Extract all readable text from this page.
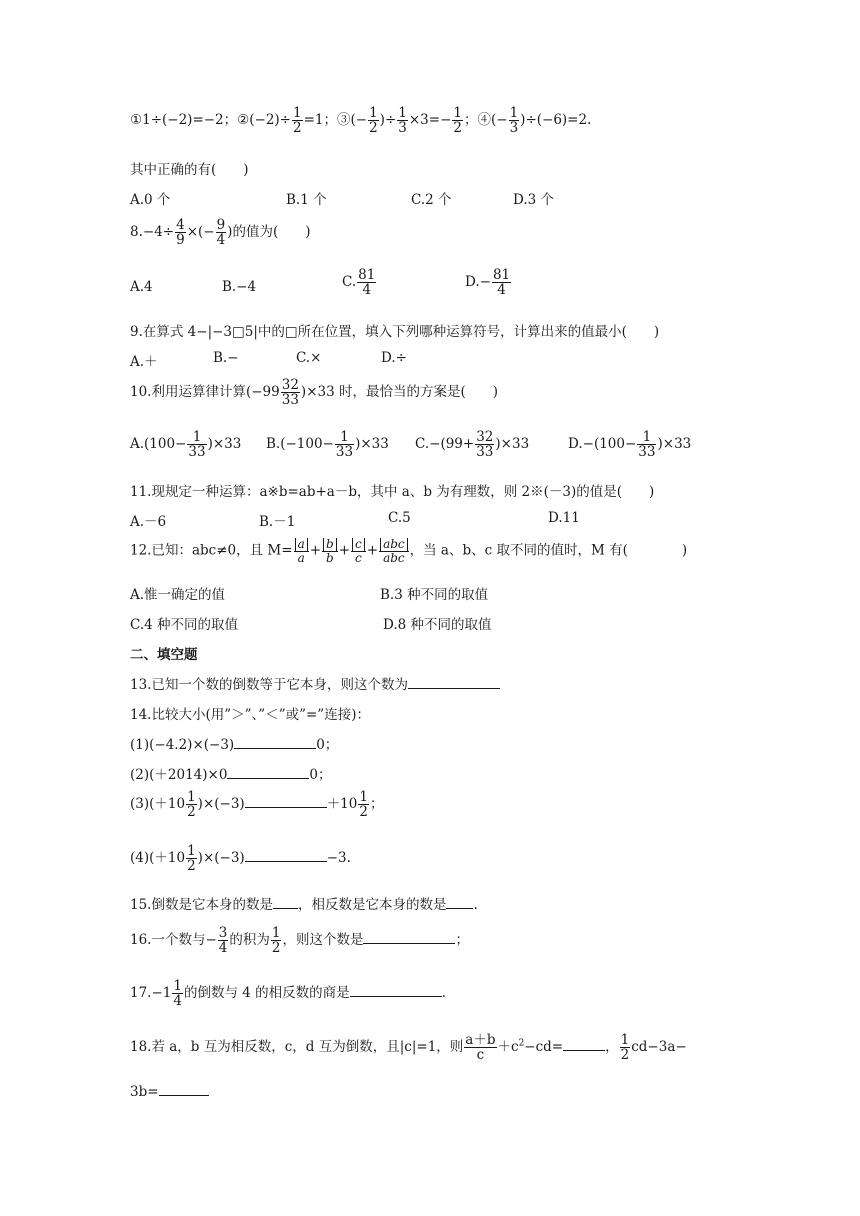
①1÷(−2)=−2；②(−2)÷ $\frac{1}{2} =1$；③(− $\frac{1}{2}$ )÷ $\frac{1}{3} \times 3=- \frac{1}{2}$ ；④(− $\frac{1}{3} )\div(-6)=2$.
其中正确的有(　　)
A.0 个	B.1 个	C.2 个	D.3 个
$8.-4\div \frac{4}{9}$ ×(− $\frac{9}{4}$ )的值为(　　)
A.4	B.−4	C. $\frac{81}{4}$	$D.- \frac{81}{4}$
9.在算式 4−|−3□5|中的□所在位置，填入下列哪种运算符号，计算出来的值最小(　　)
A.＋	B.−	C.×	D.÷
10.利用运算律计算$(-99 \frac{32}{33} )\times 33$ 时，最恰当的方案是(　　)
$A.(100- \frac{1}{33} )\times 33$ $B.(-100- \frac{1}{33} )\times 33$ $C.-(99+ \frac{32}{33} )\times 33$	$D.-(100- \frac{1}{33} )\times 33$
11.现规定一种运算：a※b=ab+a－b，其中 a、b 为有理数，则 2※(－3)的值是(　　)
A.－6	B.－1	C.5	D.11
12.已知：abc≠0，且 $M= \frac{a}{a} + \frac{b}{b} + \frac{c}{c} + \frac{\text{abc}}{\text{abc}}$ ，当 a、b、c 取不同的值时，M 有(　　　　)
A.惟一确定的值	B.3 种不同的取值
C.4 种不同的取值	D.8 种不同的取值
二、填空题
13.已知一个数的倒数等于它本身，则这个数为
14.比较大小(用”＞”、”＜”或”=”连接)：
(1)(−4.2)×(−3)	0；
(2)(＋2014)×0	0；
$(3)(+10 \frac{1}{2} )\times(-3)$	$+10 \frac{1}{2}$ ；
$(4)(+10 \frac{1}{2} )\times(-3)$	−3.
15.倒数是它本身的数是 ，相反数是它本身的数是 .
16.一个数与− $\frac{3}{4}$ 的积为 $\frac{1}{2}$ ，则这个数是	；
$17.-1 \frac{1}{4}$ 的倒数与 4 的相反数的商是	.
18.若 a，b 互为相反数，c，d 互为倒数，且|c|=1，则 $\frac{a+b}{c} +c^2-cd=$	， $\frac{1}{2} cd-3a-$
3b=
